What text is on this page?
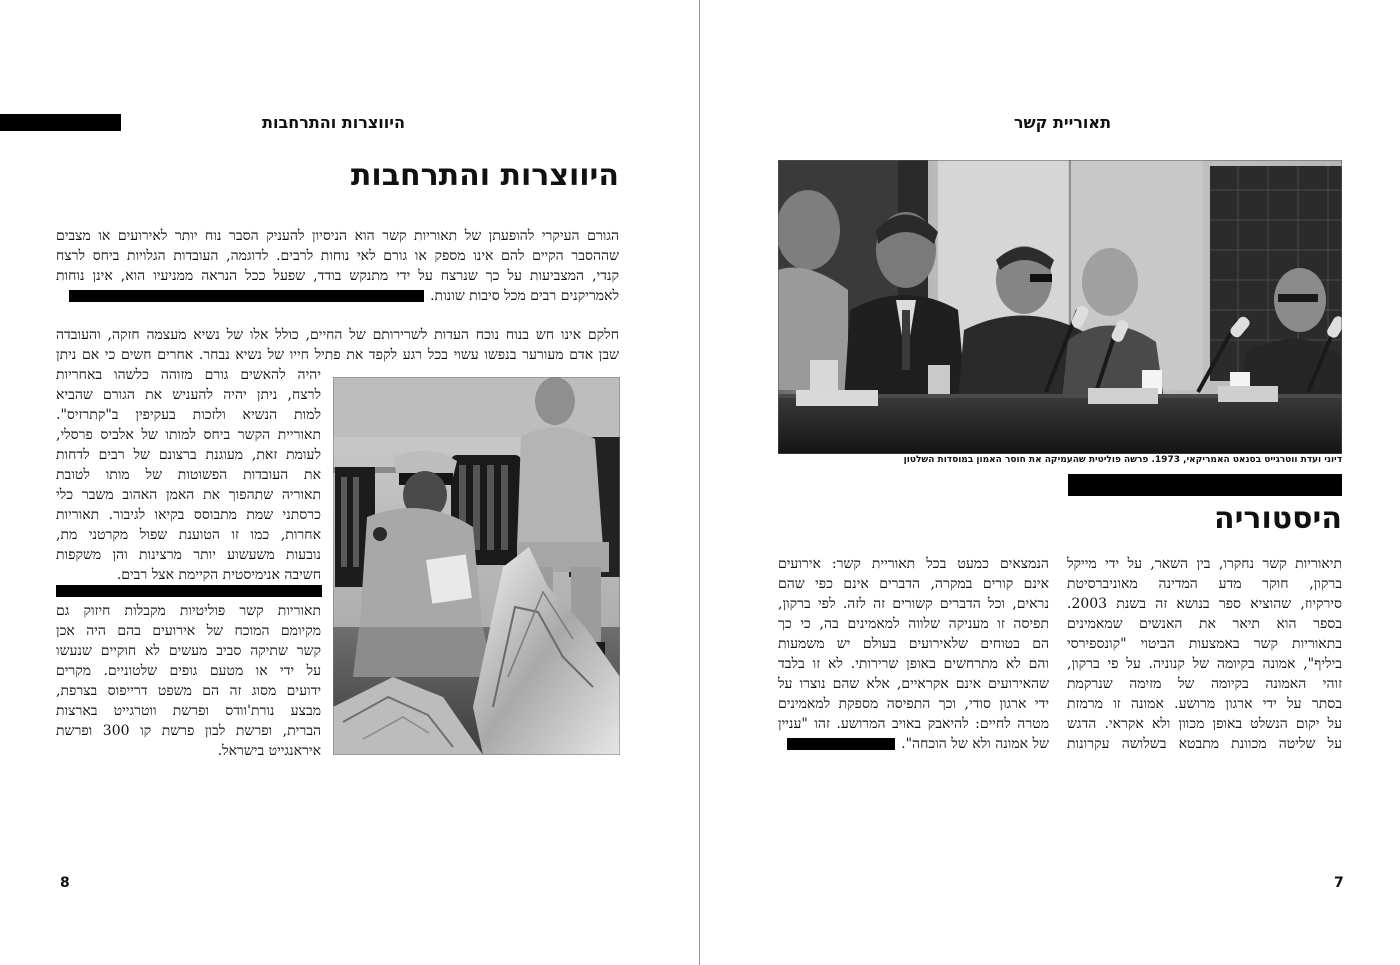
היווצרות והתרחבות
היווצרות והתרחבות
הגורם העיקרי להופעתן של תאוריות קשר הוא הניסיון להעניק הסבר נוח יותר לאירועים או מצבים
שההסבר הקיים להם אינו מספק או גורם לאי נוחות לרבים. לדוגמה, העובדות הגלויות ביחס לרצח
קנדי, המצביעות על כך שנרצח על ידי מתנקש בודד, שפעל ככל הנראה ממניעיו הוא, אינן נוחות
לאמריקנים רבים מכל סיבות שונות.
חלקם אינו חש בנוח נוכח העדות לשרירותם של החיים, כולל אלו של נשיא מעצמה חזקה, והעובדה
שבן אדם מעורער בנפשו עשוי בכל רגע לקפד את פתיל חייו של נשיא נבחר. אחרים חשים כי אם ניתן
יהיה להאשים גורם מזוהה כלשהו באחריות
לרצח, ניתן יהיה להעניש את הגורם שהביא
למות הנשיא ולזכות בעקיפין ב"קתרזיס".
תאוריית הקשר ביחס למותו של אלביס פרסלי,
לעומת זאת, מעוגנת ברצונם של רבים לדחות
את העובדות הפשוטות של מותו לטובת
תאוריה שתהפוך את האמן האהוב משבר כלי
כרסתני שמת מתבוסס בקיאו לגיבור. תאוריות
אחרות, כמו זו הטוענת שפול מקרטני מת,
נובעות משעשוע יותר מרצינות והן משקפות
חשיבה אנימיסטית הקיימת אצל רבים.
תאוריות קשר פוליטיות מקבלות חיזוק גם
מקיומם המוכח של אירועים בהם היה אכן
קשר שתיקה סביב מעשים לא חוקיים שנעשו
על ידי או מטעם גופים שלטוניים. מקרים
ידועים מסוג זה הם משפט דרייפוס בצרפת,
מבצע נורת'וודס ופרשת ווטרגייט בארצות
הברית, ופרשת לבון פרשת קו 300 ופרשת
איראנגייט בישראל.
8
תאוריית קשר
דיוני ועדת ווטרגייט בסנאט האמריקאי, 1973. פרשה פוליטית שהעמיקה את חוסר האמון במוסדות השלטון
היסטוריה
תיאוריות קשר נחקרו, בין השאר, על ידי מייקל
ברקון, חוקר מדע המדינה מאוניברסיטת
סירקיוז, שהוציא ספר בנושא זה בשנת 2003.
בספר הוא תיאר את האנשים שמאמינים
בתאוריות קשר באמצעות הביטוי "קונספירסי
ביליף", אמונה בקיומה של קנוניה. על פי ברקון,
זוהי האמונה בקיומה של מזימה שנרקמת
בסתר על ידי ארגון מרושע. אמונה זו מרמזת
על יקום הנשלט באופן מכוון ולא אקראי. הדגש
על שליטה מכוונת מתבטא בשלושה עקרונות
הנמצאים כמעט בכל תאוריית קשר: אירועים
אינם קורים במקרה, הדברים אינם כפי שהם
נראים, וכל הדברים קשורים זה לזה. לפי ברקון,
תפיסה זו מעניקה שלווה למאמינים בה, כי כך
הם בטוחים שלאירועים בעולם יש משמעות
והם לא מתרחשים באופן שרירותי. לא זו בלבד
שהאירועים אינם אקראיים, אלא שהם נוצרו על
ידי ארגון סודי, וכך התפיסה מספקת למאמינים
מטרה לחיים: להיאבק באויב המרושע. זהו "עניין
של אמונה ולא של הוכחה".
7
